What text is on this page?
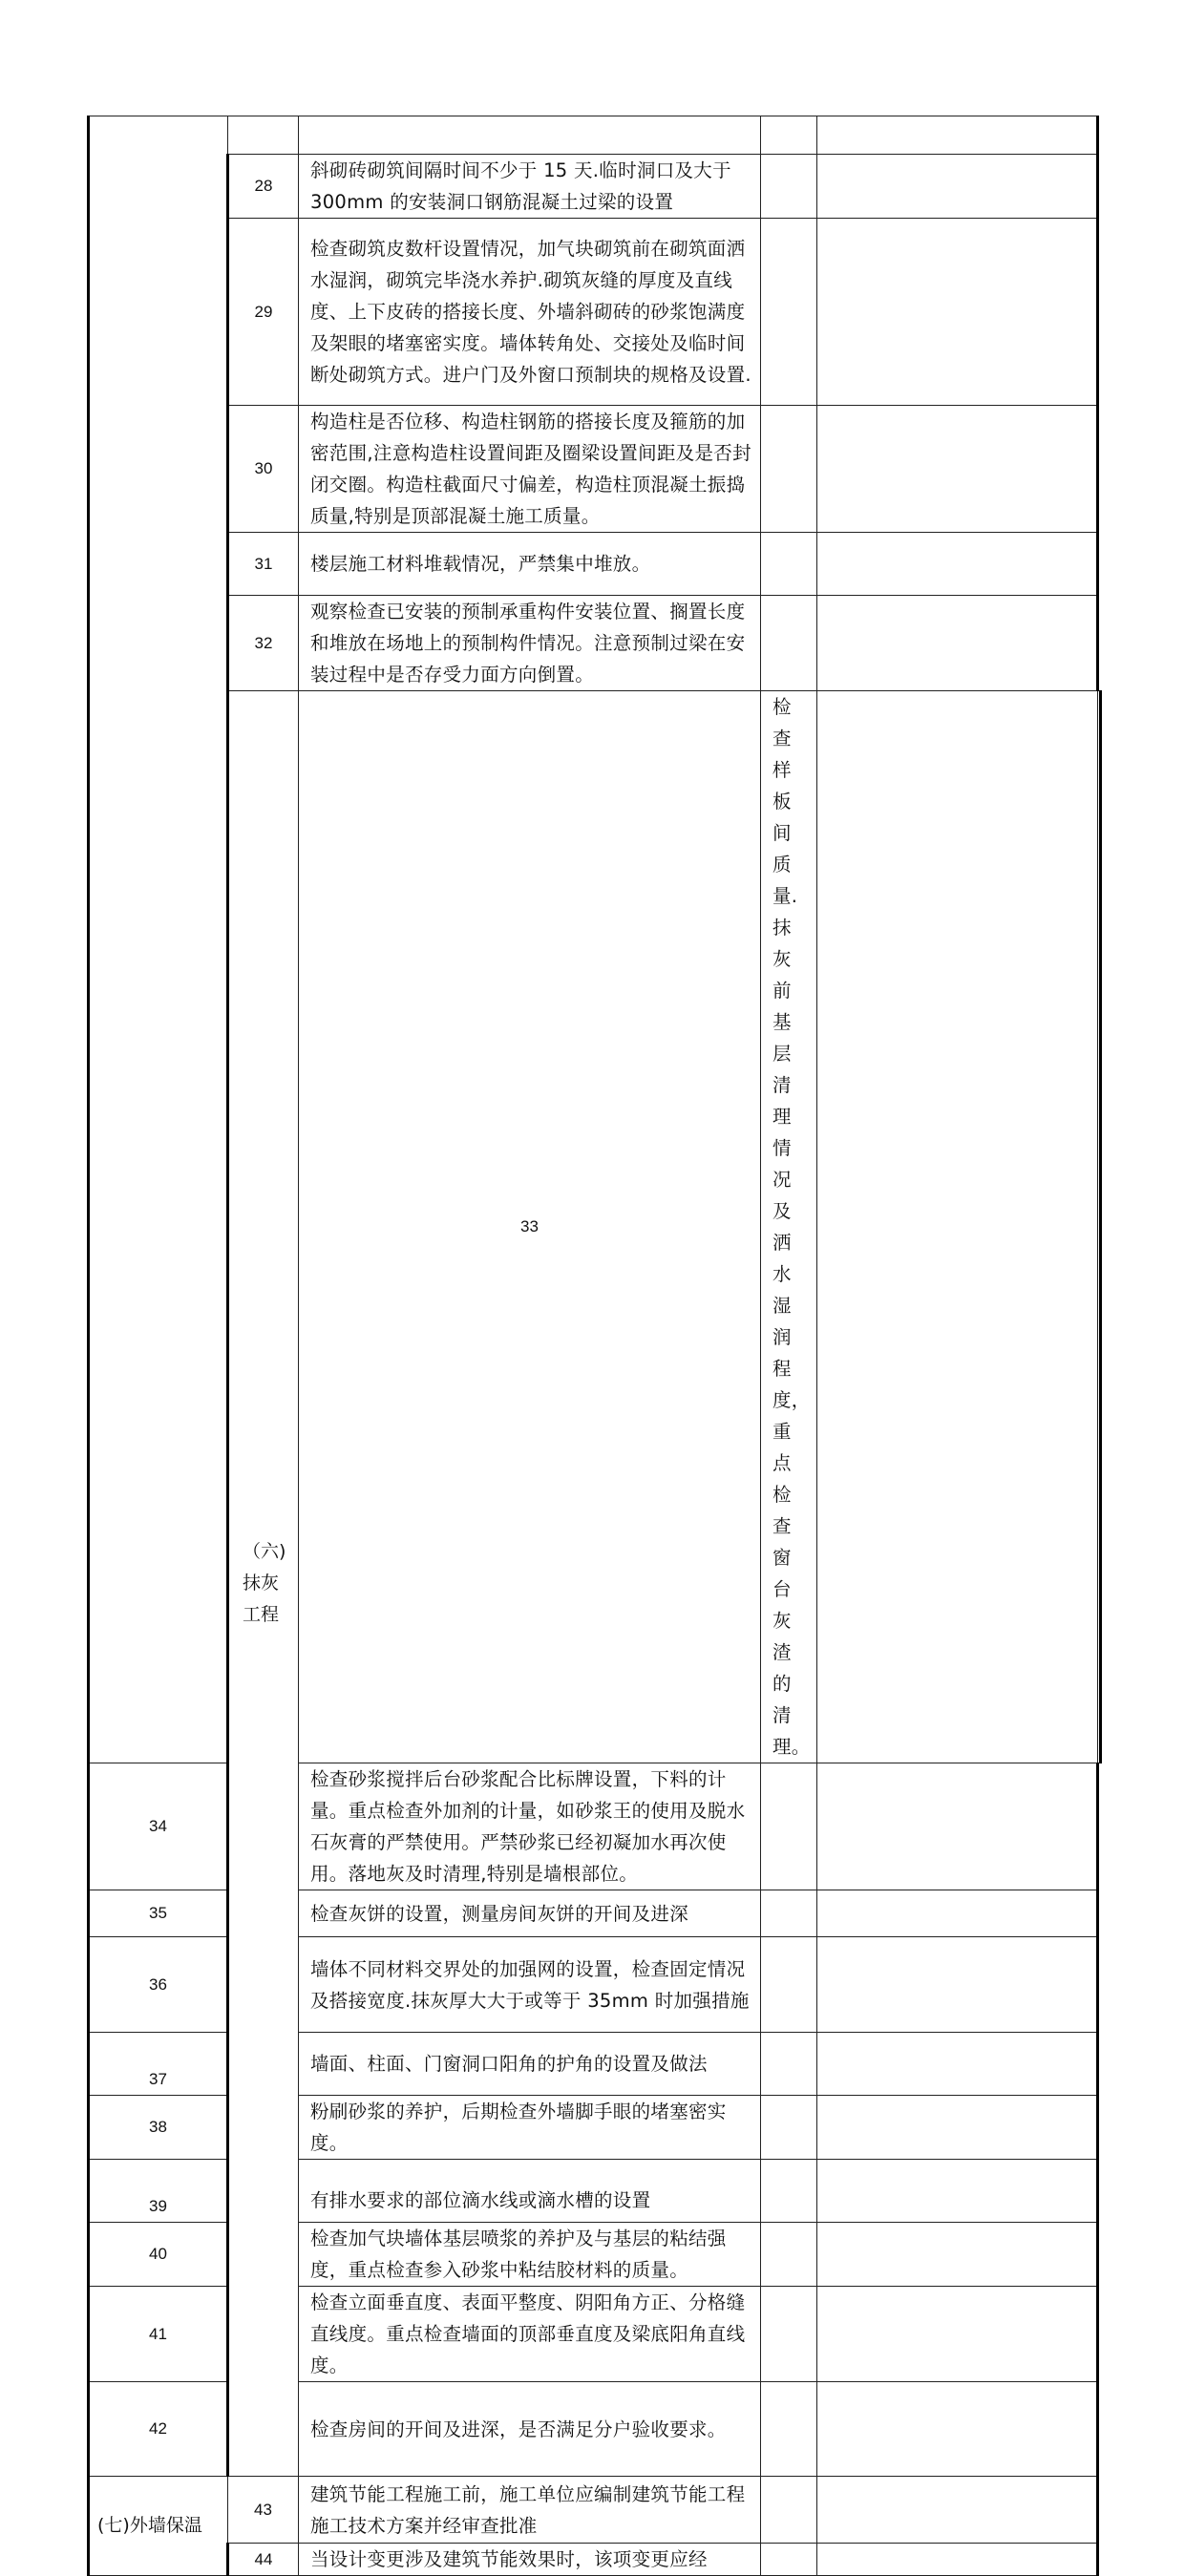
	28	斜砌砖砌筑间隔时间不少于 15 天.临时洞口及大于 300mm 的安装洞口钢筋混凝土过梁的设置			
	29	检查砌筑皮数杆设置情况，加气块砌筑前在砌筑面洒水湿润，砌筑完毕浇水养护.砌筑灰缝的厚度及直线度、上下皮砖的搭接长度、外墙斜砌砖的砂浆饱满度及架眼的堵塞密实度。墙体转角处、交接处及临时间断处砌筑方式。进户门及外窗口预制块的规格及设置.			
	30	构造柱是否位移、构造柱钢筋的搭接长度及箍筋的加密范围,注意构造柱设置间距及圈梁设置间距及是否封闭交圈。构造柱截面尺寸偏差，构造柱顶混凝土振捣质量,特别是顶部混凝土施工质量。			
	31	楼层施工材料堆载情况，严禁集中堆放。			
	32	观察检查已安装的预制承重构件安装位置、搁置长度和堆放在场地上的预制构件情况。注意预制过梁在安装过程中是否存受力面方向倒置。			
	（六)抹灰工程	33	检查样板间质量.抹灰前基层清理情况及洒水湿润程度，重点检查窗台灰渣的清理。		
34		检查砂浆搅拌后台砂浆配合比标牌设置，下料的计量。重点检查外加剂的计量，如砂浆王的使用及脱水石灰膏的严禁使用。严禁砂浆已经初凝加水再次使用。落地灰及时清理,特别是墙根部位。			
35		检查灰饼的设置，测量房间灰饼的开间及进深			
36		墙体不同材料交界处的加强网的设置，检查固定情况及搭接宽度.抹灰厚大大于或等于 35mm 时加强措施			
37		墙面、柱面、门窗洞口阳角的护角的设置及做法			
38		粉刷砂浆的养护，后期检查外墙脚手眼的堵塞密实度。			
39		有排水要求的部位滴水线或滴水槽的设置			
40		检查加气块墙体基层喷浆的养护及与基层的粘结强度，重点检查参入砂浆中粘结胶材料的质量。			
41		检查立面垂直度、表面平整度、阴阳角方正、分格缝直线度。重点检查墙面的顶部垂直度及梁底阳角直线度。			
42		检查房间的开间及进深，是否满足分户验收要求。			
(七)外墙保温	43	建筑节能工程施工前，施工单位应编制建筑节能工程施工技术方案并经审查批准			
	44	当设计变更涉及建筑节能效果时，该项变更应经			
